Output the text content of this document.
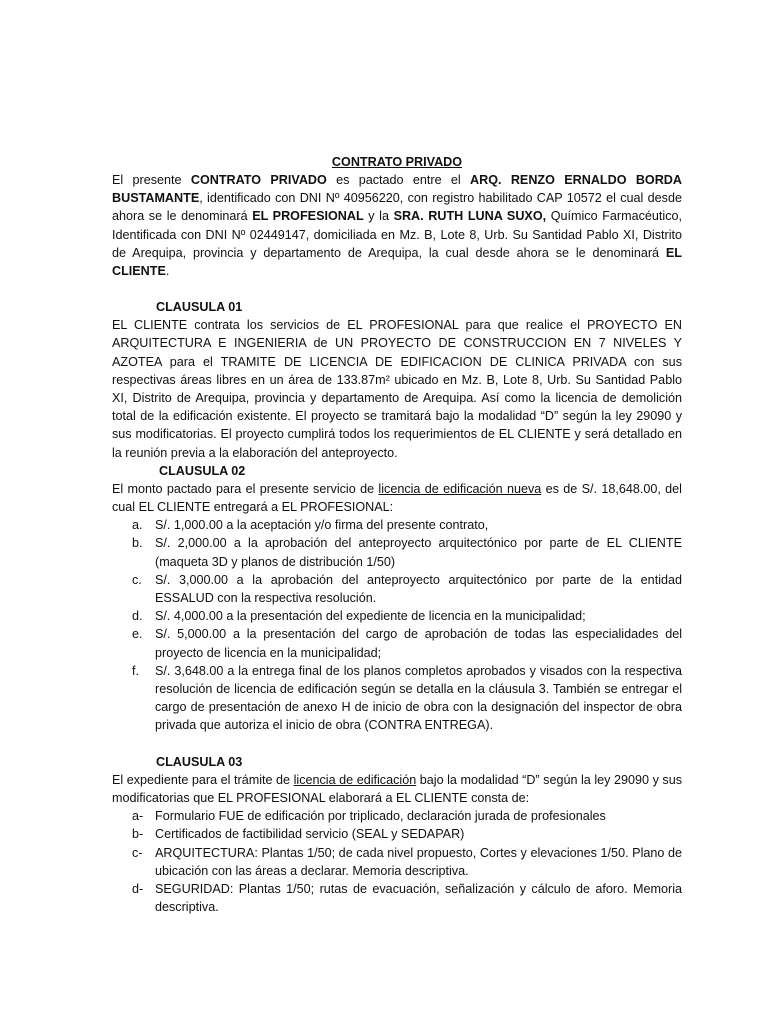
CONTRATO PRIVADO

El presente CONTRATO PRIVADO es pactado entre el ARQ. RENZO ERNALDO BORDA BUSTAMANTE, identificado con DNI Nº 40956220, con registro habilitado CAP 10572 el cual desde ahora se le denominará EL PROFESIONAL y la SRA. RUTH LUNA SUXO, Químico Farmacéutico, Identificada con DNI Nº 02449147, domiciliada en Mz. B, Lote 8, Urb. Su Santidad Pablo XI, Distrito de Arequipa, provincia y departamento de Arequipa, la cual desde ahora se le denominará EL CLIENTE.

CLAUSULA 01

EL CLIENTE contrata los servicios de EL PROFESIONAL para que realice el PROYECTO EN ARQUITECTURA E INGENIERIA de UN PROYECTO DE CONSTRUCCION EN 7 NIVELES Y AZOTEA para el TRAMITE DE LICENCIA DE EDIFICACION DE CLINICA PRIVADA con sus respectivas áreas libres en un área de 133.87m² ubicado en Mz. B, Lote 8, Urb. Su Santidad Pablo XI, Distrito de Arequipa, provincia y departamento de Arequipa. Así como la licencia de demolición total de la edificación existente. El proyecto se tramitará bajo la modalidad “D” según la ley 29090 y sus modificatorias. El proyecto cumplirá todos los requerimientos de EL CLIENTE y será detallado en la reunión previa a la elaboración del anteproyecto.

CLAUSULA 02

El monto pactado para el presente servicio de licencia de edificación nueva es de S/. 18,648.00, del cual EL CLIENTE entregará a EL PROFESIONAL:

a. S/. 1,000.00 a la aceptación y/o firma del presente contrato,
b. S/. 2,000.00 a la aprobación del anteproyecto arquitectónico por parte de EL CLIENTE (maqueta 3D y planos de distribución 1/50)
c. S/. 3,000.00 a la aprobación del anteproyecto arquitectónico por parte de la entidad ESSALUD con la respectiva resolución.
d. S/. 4,000.00 a la presentación del expediente de licencia en la municipalidad;
e. S/. 5,000.00 a la presentación del cargo de aprobación de todas las especialidades del proyecto de licencia en la municipalidad;
f. S/. 3,648.00 a la entrega final de los planos completos aprobados y visados con la respectiva resolución de licencia de edificación según se detalla en la cláusula 3. También se entregar el cargo de presentación de anexo H de inicio de obra con la designación del inspector de obra privada que autoriza el inicio de obra (CONTRA ENTREGA).
CLAUSULA 03

El expediente para el trámite de licencia de edificación bajo la modalidad “D” según la ley 29090 y sus modificatorias que EL PROFESIONAL elaborará a EL CLIENTE consta de:

a- Formulario FUE de edificación por triplicado, declaración jurada de profesionales
b- Certificados de factibilidad servicio (SEAL y SEDAPAR)
c- ARQUITECTURA: Plantas 1/50; de cada nivel propuesto, Cortes y elevaciones 1/50. Plano de ubicación con las áreas a declarar. Memoria descriptiva.
d- SEGURIDAD: Plantas 1/50; rutas de evacuación, señalización y cálculo de aforo. Memoria descriptiva.
